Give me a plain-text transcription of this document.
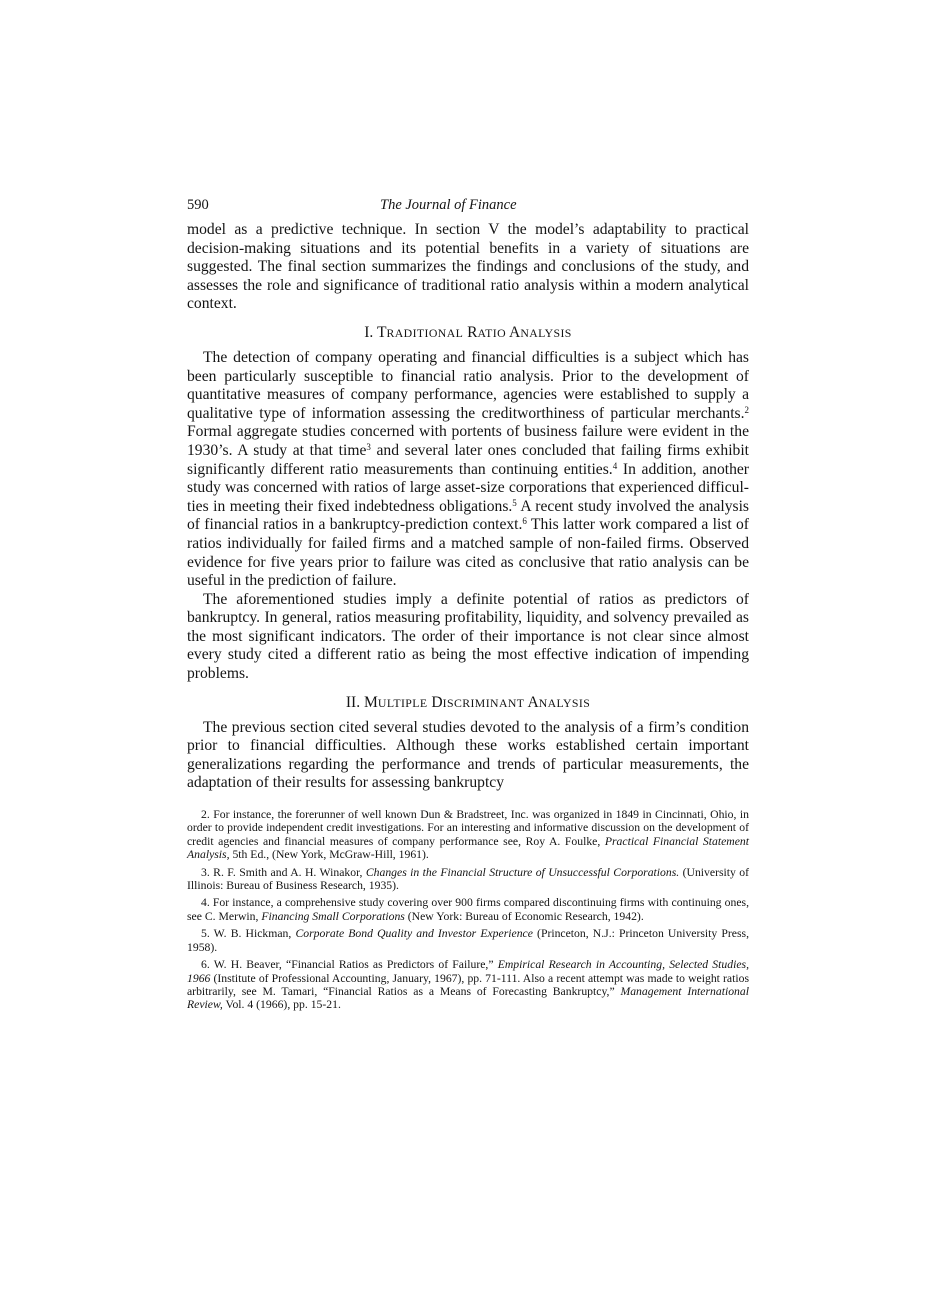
590	The Journal of Finance

model as a predictive technique. In section V the model’s adaptability to practical decision-making situations and its potential benefits in a variety of situations are suggested. The final section summarizes the findings and conclusions of the study, and assesses the role and significance of traditional ratio analysis within a modern analytical context.

I. TRADITIONAL RATIO ANALYSIS

The detection of company operating and financial difficulties is a subject which has been particularly susceptible to financial ratio analysis. Prior to the development of quantitative measures of company performance, agencies were established to supply a qualitative type of information assessing the creditworthiness of particular merchants.$^2$ Formal aggregate studies concerned with portents of business failure were evident in the 1930’s. A study at that time$^3$ and several later ones concluded that failing firms exhibit significantly different ratio measurements than continuing entities.$^4$ In addition, another study was concerned with ratios of large asset-size corporations that experienced difficulties in meeting their fixed indebtedness obligations.$^5$ A recent study involved the analysis of financial ratios in a bankruptcy-prediction context.$^6$ This latter work compared a list of ratios individually for failed firms and a matched sample of non-failed firms. Observed evidence for five years prior to failure was cited as conclusive that ratio analysis can be useful in the prediction of failure.

The aforementioned studies imply a definite potential of ratios as predictors of bankruptcy. In general, ratios measuring profitability, liquidity, and solvency prevailed as the most significant indicators. The order of their importance is not clear since almost every study cited a different ratio as being the most effective indication of impending problems.

II. MULTIPLE DISCRIMINANT ANALYSIS

The previous section cited several studies devoted to the analysis of a firm’s condition prior to financial difficulties. Although these works established certain important generalizations regarding the performance and trends of particular measurements, the adaptation of their results for assessing bankruptcy

2. For instance, the forerunner of well known Dun & Bradstreet, Inc. was organized in 1849 in Cincinnati, Ohio, in order to provide independent credit investigations. For an interesting and informative discussion on the development of credit agencies and financial measures of company performance see, Roy A. Foulke, Practical Financial Statement Analysis, 5th Ed., (New York, McGraw-Hill, 1961).

3. R. F. Smith and A. H. Winakor, Changes in the Financial Structure of Unsuccessful Corporations. (University of Illinois: Bureau of Business Research, 1935).

4. For instance, a comprehensive study covering over 900 firms compared discontinuing firms with continuing ones, see C. Merwin, Financing Small Corporations (New York: Bureau of Economic Research, 1942).

5. W. B. Hickman, Corporate Bond Quality and Investor Experience (Princeton, N.J.: Princeton University Press, 1958).

6. W. H. Beaver, “Financial Ratios as Predictors of Failure,” Empirical Research in Accounting, Selected Studies, 1966 (Institute of Professional Accounting, January, 1967), pp. 71-111. Also a recent attempt was made to weight ratios arbitrarily, see M. Tamari, “Financial Ratios as a Means of Forecasting Bankruptcy,” Management International Review, Vol. 4 (1966), pp. 15-21.
